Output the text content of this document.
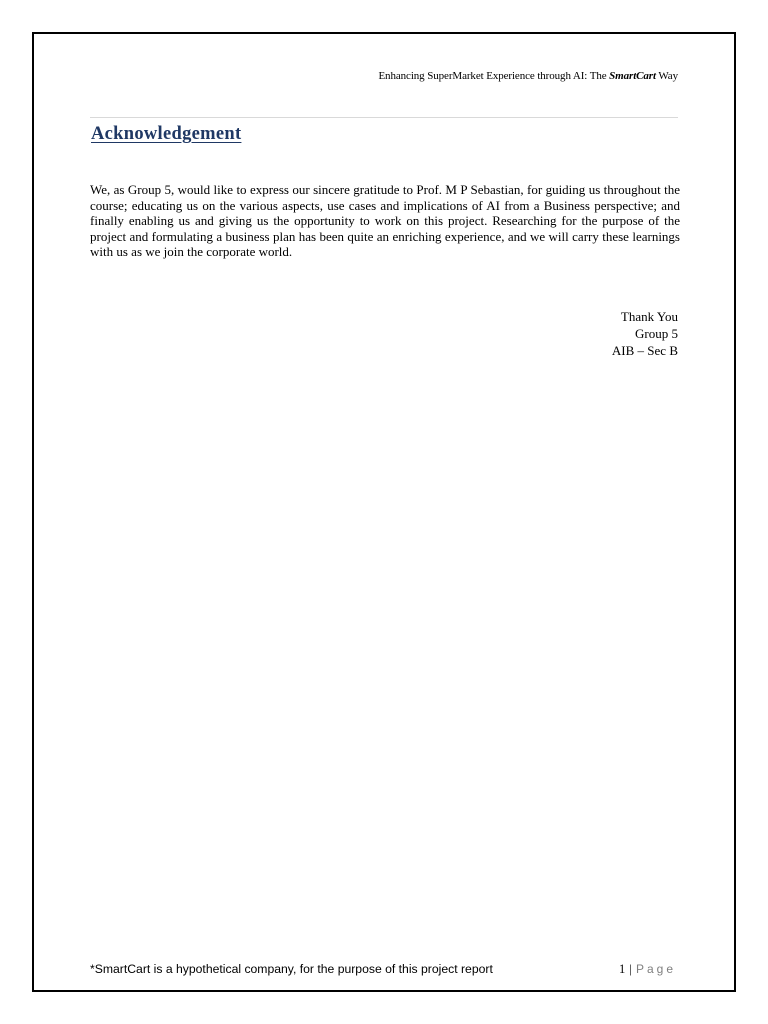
Enhancing SuperMarket Experience through AI: The SmartCart Way
Acknowledgement

We, as Group 5, would like to express our sincere gratitude to Prof. M P Sebastian, for guiding us throughout the course; educating us on the various aspects, use cases and implications of AI from a Business perspective; and finally enabling us and giving us the opportunity to work on this project. Researching for the purpose of the project and formulating a business plan has been quite an enriching experience, and we will carry these learnings with us as we join the corporate world.

Thank You
Group 5
AIB – Sec B
*SmartCart is a hypothetical company, for the purpose of this project report	1 | Page
